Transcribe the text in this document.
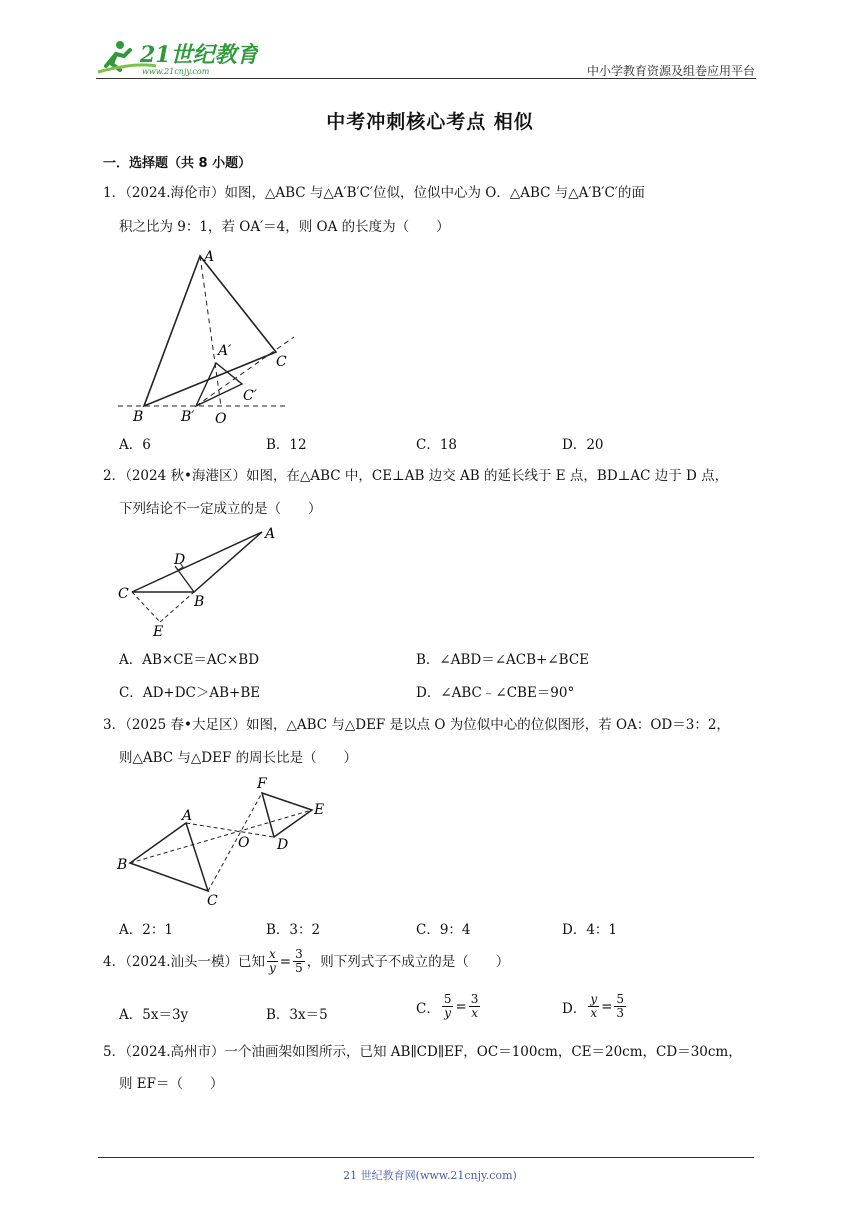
21世纪教育
www.21cnjy.com	中小学教育资源及组卷应用平台
中考冲刺核心考点 相似
一．选择题（共 8 小题）
1．（2024.海伦市）如图，△ABC 与△A′B′C′位似，位似中心为 O．△ABC 与△A′B′C′的面
积之比为 9：1，若 OA′＝4，则 OA 的长度为（　　）
A
A′
B	B′
C
C′
O
A．6	B．12	C．18	D．20
2．（2024 秋•海港区）如图，在△ABC 中，CE⊥AB 边交 AB 的延长线于 E 点，BD⊥AC 边于 D 点，
下列结论不一定成立的是（　　）
A
B
C
D
E
A．AB×CE＝AC×BD	B．∠ABD＝∠ACB+∠BCE
C．AD+DC＞AB+BE	D．∠ABC﹣∠CBE＝90°
3．（2025 春•大足区）如图，△ABC 与△DEF 是以点 O 为位似中心的位似图形，若 OA：OD＝3：2，
则△ABC 与△DEF 的周长比是（　　）
A
B
C
D
E
F
O
A．2：1	B．3：2	C．9：4	D．4：1
4．（2024.汕头一模）已知 $\frac{x}{y} = \frac{3}{5}$ ，则下列式子不成立的是（　　）
A．5x＝3y	B．3x＝5	C． $\frac{5}{y} = \frac{3}{x}$	D． $\frac{y}{x} = \frac{5}{3}$
5．（2024.高州市）一个油画架如图所示，已知 AB∥CD∥EF，OC＝100cm，CE＝20cm，CD＝30cm，
则 EF＝（　　）
21 世纪教育网(www.21cnjy.com)
